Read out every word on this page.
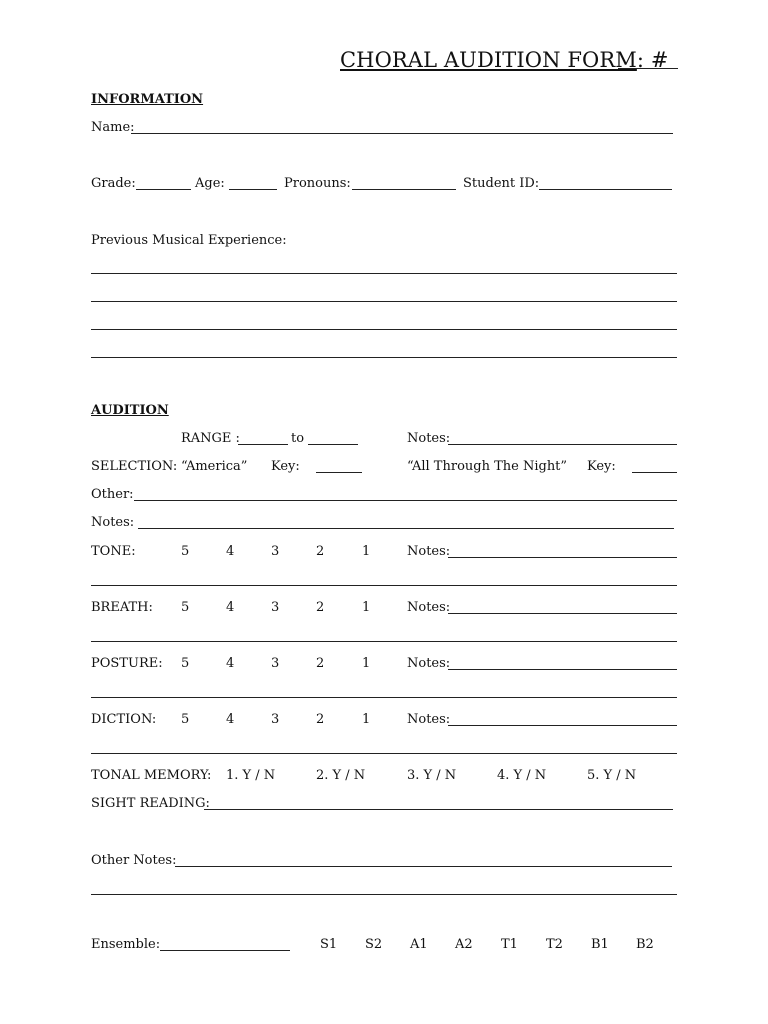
CHORAL AUDITION FORM: #
INFORMATION
Name:
Grade:	Age:	Pronouns:	Student ID:
Previous Musical Experience:
AUDITION
RANGE :	to	Notes:
SELECTION: “America” Key:	“All Through The Night” Key:
Other:
Notes:
TONE:	5	4	3	2	1	Notes:
BREATH: 5	4	3	2	1	Notes:
POSTURE: 5	4	3	2	1	Notes:
DICTION: 5	4	3	2	1	Notes:
TONAL MEMORY: 1. Y / N	2. Y / N	3. Y / N	4. Y / N	5. Y / N
SIGHT READING:
Other Notes:
Ensemble:	S1 S2 A1 A2 T1 T2 B1 B2
